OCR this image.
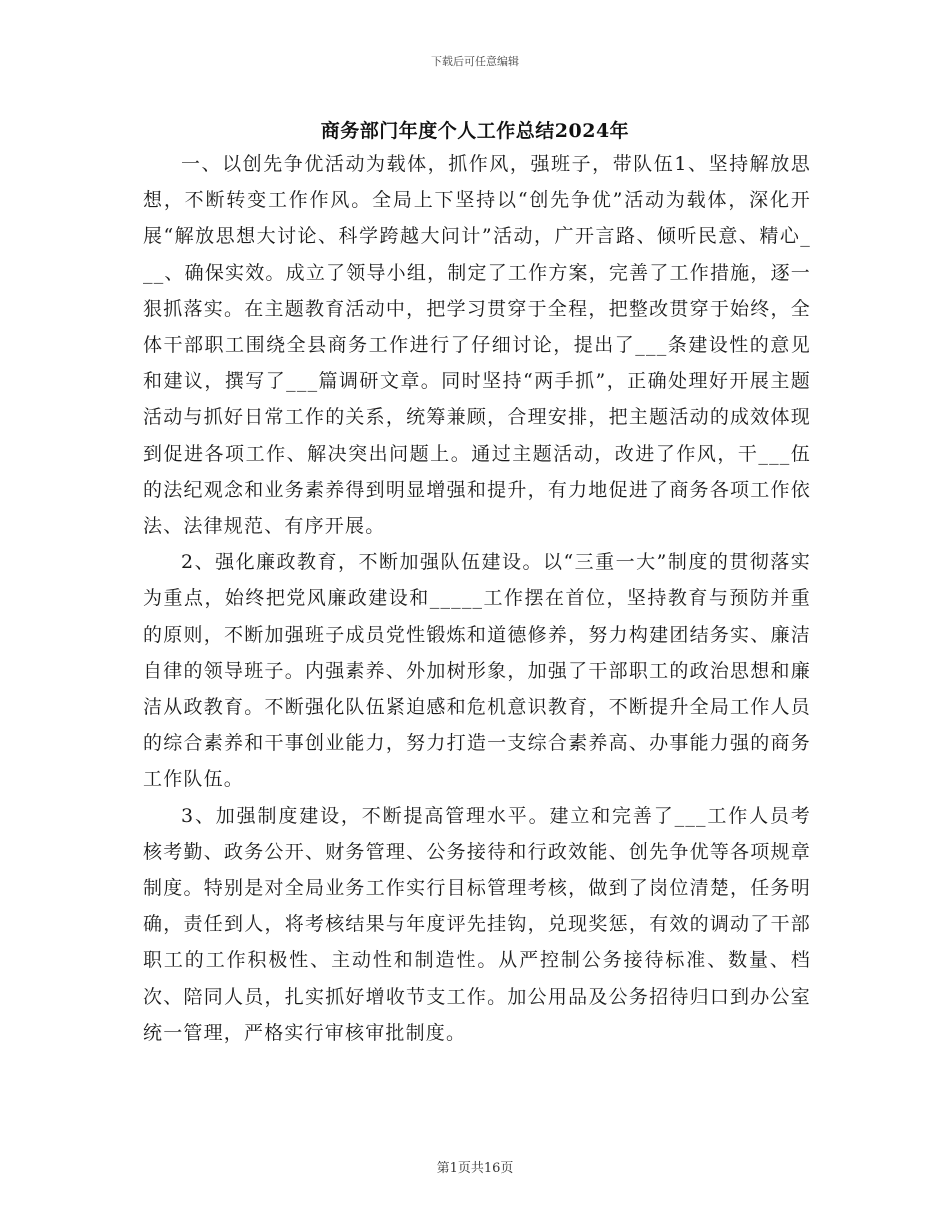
下载后可任意编辑
商务部门年度个人工作总结2024年

一、以创先争优活动为载体，抓作风，强班子，带队伍1、坚持解放思想，不断转变工作作风。全局上下坚持以“创先争优”活动为载体，深化开展“解放思想大讨论、科学跨越大问计”活动，广开言路、倾听民意、精心___、确保实效。成立了领导小组，制定了工作方案，完善了工作措施，逐一狠抓落实。在主题教育活动中，把学习贯穿于全程，把整改贯穿于始终，全体干部职工围绕全县商务工作进行了仔细讨论，提出了___条建设性的意见和建议，撰写了___篇调研文章。同时坚持“两手抓”，正确处理好开展主题活动与抓好日常工作的关系，统筹兼顾，合理安排，把主题活动的成效体现到促进各项工作、解决突出问题上。通过主题活动，改进了作风，干___伍的法纪观念和业务素养得到明显增强和提升，有力地促进了商务各项工作依法、法律规范、有序开展。

2、强化廉政教育，不断加强队伍建设。以“三重一大”制度的贯彻落实为重点，始终把党风廉政建设和_____工作摆在首位，坚持教育与预防并重的原则，不断加强班子成员党性锻炼和道德修养，努力构建团结务实、廉洁自律的领导班子。内强素养、外加树形象，加强了干部职工的政治思想和廉洁从政教育。不断强化队伍紧迫感和危机意识教育，不断提升全局工作人员的综合素养和干事创业能力，努力打造一支综合素养高、办事能力强的商务工作队伍。

3、加强制度建设，不断提高管理水平。建立和完善了___工作人员考核考勤、政务公开、财务管理、公务接待和行政效能、创先争优等各项规章制度。特别是对全局业务工作实行目标管理考核，做到了岗位清楚，任务明确，责任到人，将考核结果与年度评先挂钩，兑现奖惩，有效的调动了干部职工的工作积极性、主动性和制造性。从严控制公务接待标准、数量、档次、陪同人员，扎实抓好增收节支工作。加公用品及公务招待归口到办公室统一管理，严格实行审核审批制度。

第1页共16页
